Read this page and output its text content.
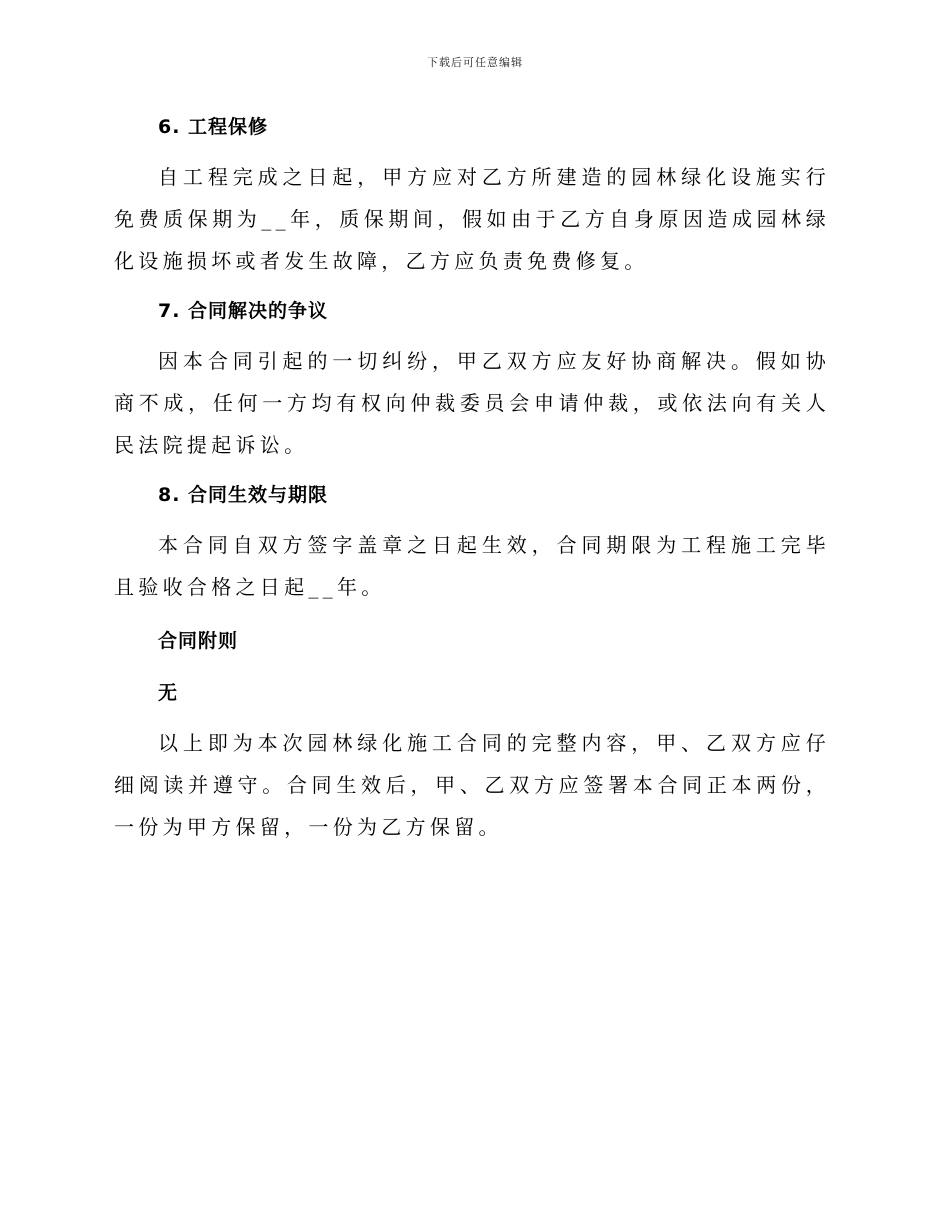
下载后可任意编辑

6. 工程保修

自工程完成之日起，甲方应对乙方所建造的园林绿化设施实行免费质保期为__年，质保期间，假如由于乙方自身原因造成园林绿化设施损坏或者发生故障，乙方应负责免费修复。

7. 合同解决的争议

因本合同引起的一切纠纷，甲乙双方应友好协商解决。假如协商不成，任何一方均有权向仲裁委员会申请仲裁，或依法向有关人民法院提起诉讼。

8. 合同生效与期限

本合同自双方签字盖章之日起生效，合同期限为工程施工完毕且验收合格之日起__年。

合同附则

无

以上即为本次园林绿化施工合同的完整内容，甲、乙双方应仔细阅读并遵守。合同生效后，甲、乙双方应签署本合同正本两份，一份为甲方保留，一份为乙方保留。
